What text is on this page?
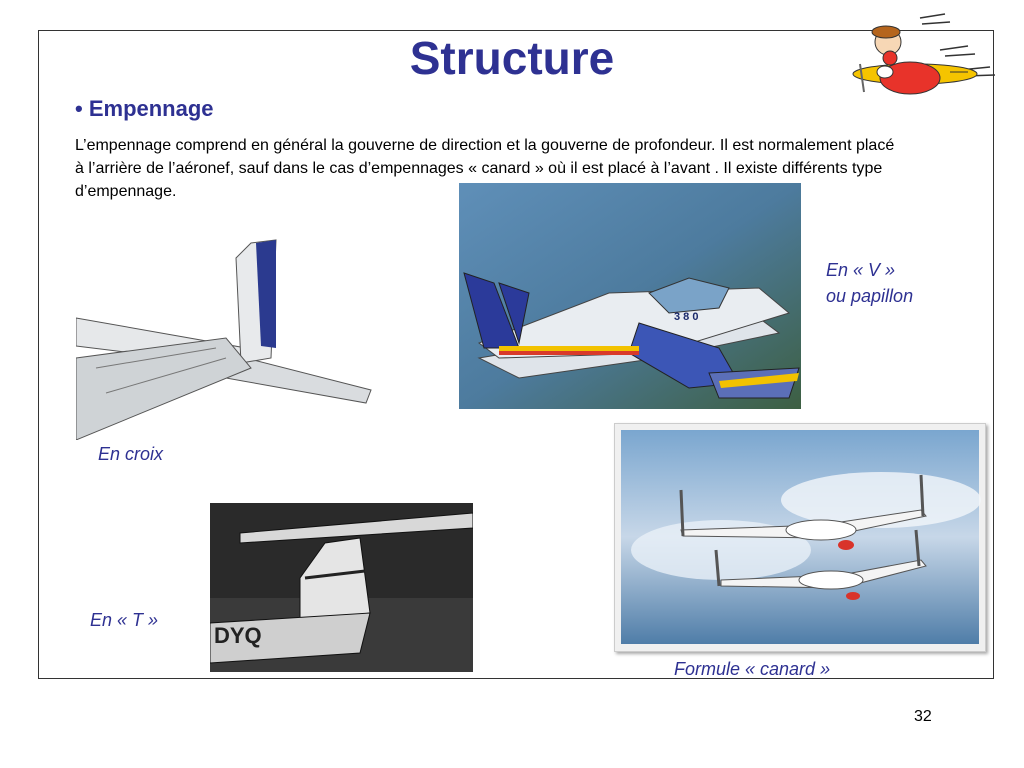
Structure
• Empennage
L’empennage comprend en général la gouverne de direction et la gouverne de profondeur. Il est normalement placé à l’arrière de l’aéronef, sauf dans le cas d’empennages « canard » où il est placé à l’avant . Il existe différents type d’empennage.
En croix
3 8 0
En « V »
ou papillon
DYQ
En « T »
Formule « canard »
32
